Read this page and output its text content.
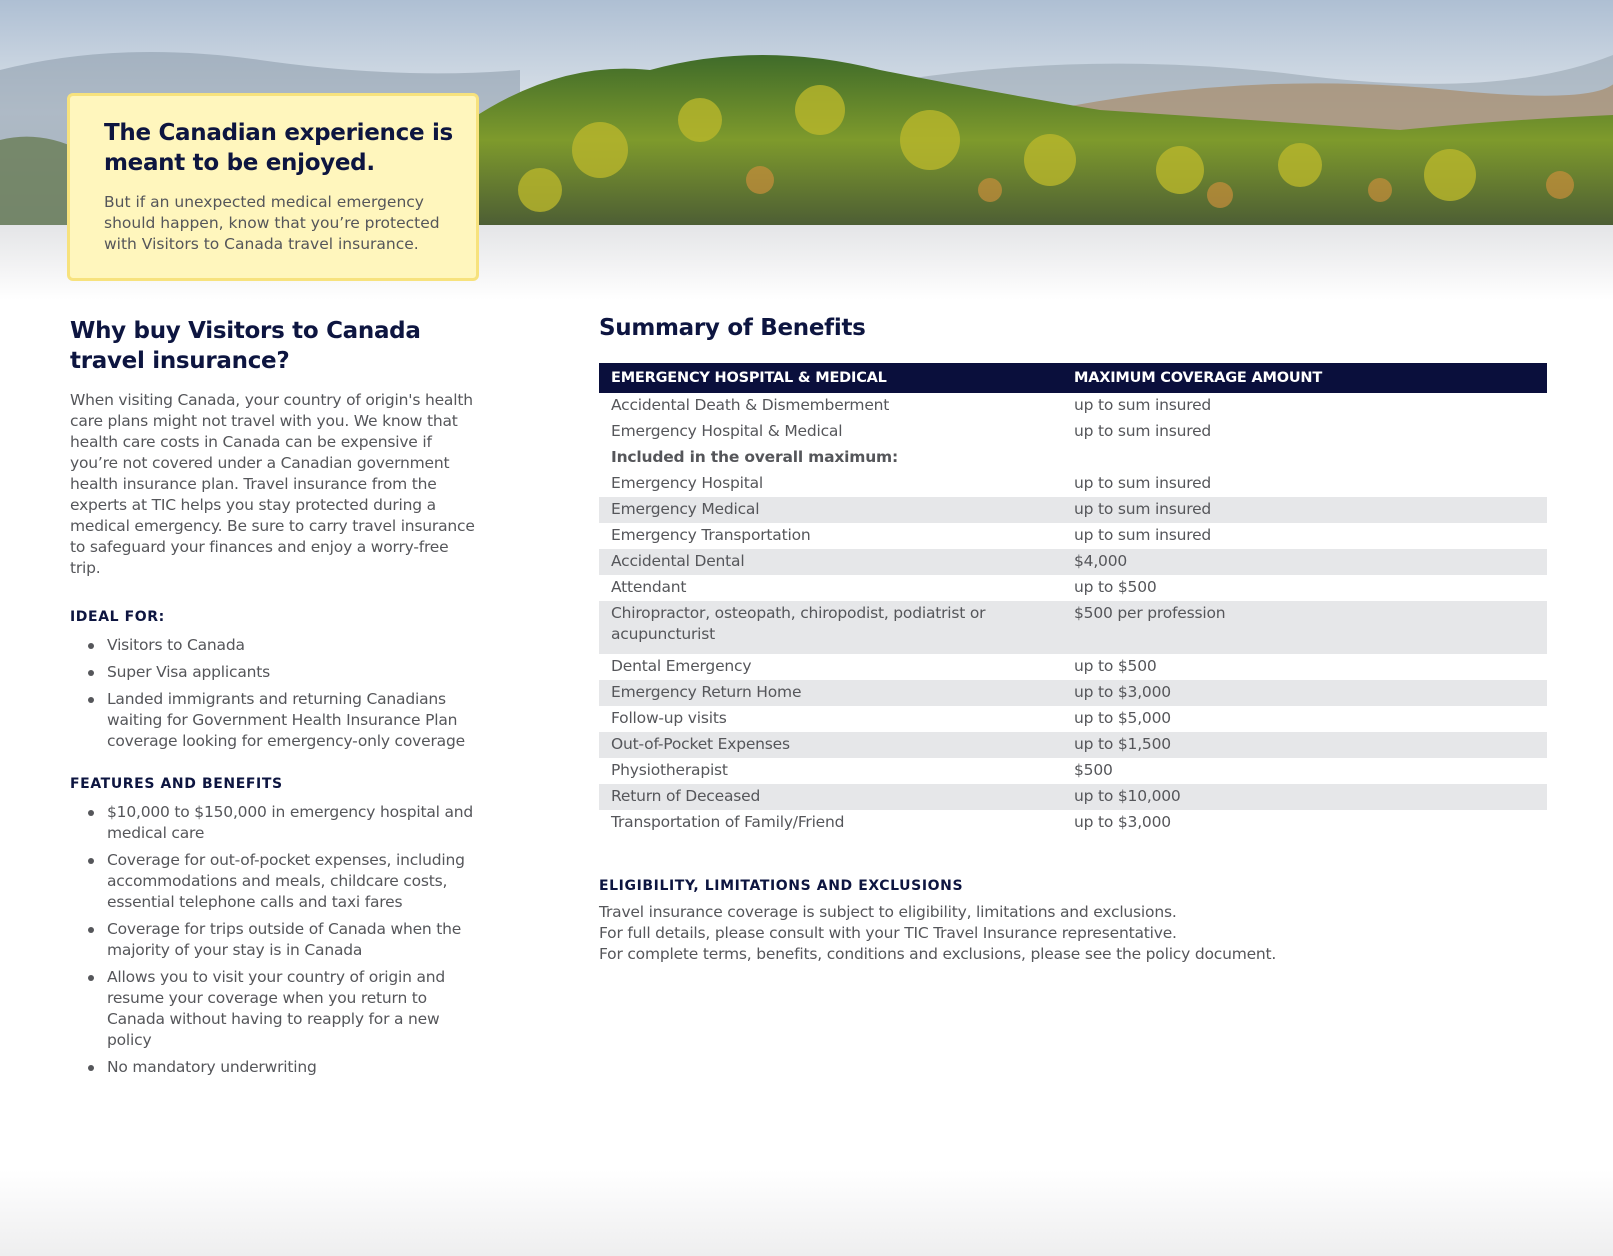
The Canadian experience is meant to be enjoyed.

But if an unexpected medical emergency should happen, know that you’re protected with Visitors to Canada travel insurance.

Why buy Visitors to Canada
travel insurance?

When visiting Canada, your country of origin's health care plans might not travel with you. We know that health care costs in Canada can be expensive if you’re not covered under a Canadian government health insurance plan. Travel insurance from the experts at TIC helps you stay protected during a medical emergency. Be sure to carry travel insurance to safeguard your finances and enjoy a worry-free trip.

IDEAL FOR:
Visitors to Canada
Super Visa applicants
Landed immigrants and returning Canadians waiting for Government Health Insurance Plan coverage looking for emergency-only coverage
FEATURES AND BENEFITS
$10,000 to $150,000 in emergency hospital and medical care
Coverage for out-of-pocket expenses, including accommodations and meals, childcare costs, essential telephone calls and taxi fares
Coverage for trips outside of Canada when the majority of your stay is in Canada
Allows you to visit your country of origin and resume your coverage when you return to Canada without having to reapply for a new policy
No mandatory underwriting
Summary of Benefits
EMERGENCY HOSPITAL & MEDICAL	MAXIMUM COVERAGE AMOUNT
Accidental Death & Dismemberment	up to sum insured
Emergency Hospital & Medical	up to sum insured
Included in the overall maximum:	
Emergency Hospital	up to sum insured
Emergency Medical	up to sum insured
Emergency Transportation	up to sum insured
Accidental Dental	$4,000
Attendant	up to $500
Chiropractor, osteopath, chiropodist, podiatrist or acupuncturist	$500 per profession
Dental Emergency	up to $500
Emergency Return Home	up to $3,000
Follow-up visits	up to $5,000
Out-of-Pocket Expenses	up to $1,500
Physiotherapist	$500
Return of Deceased	up to $10,000
Transportation of Family/Friend	up to $3,000
ELIGIBILITY, LIMITATIONS AND EXCLUSIONS

Travel insurance coverage is subject to eligibility, limitations and exclusions.

For full details, please consult with your TIC Travel Insurance representative.

For complete terms, benefits, conditions and exclusions, please see the policy document.
